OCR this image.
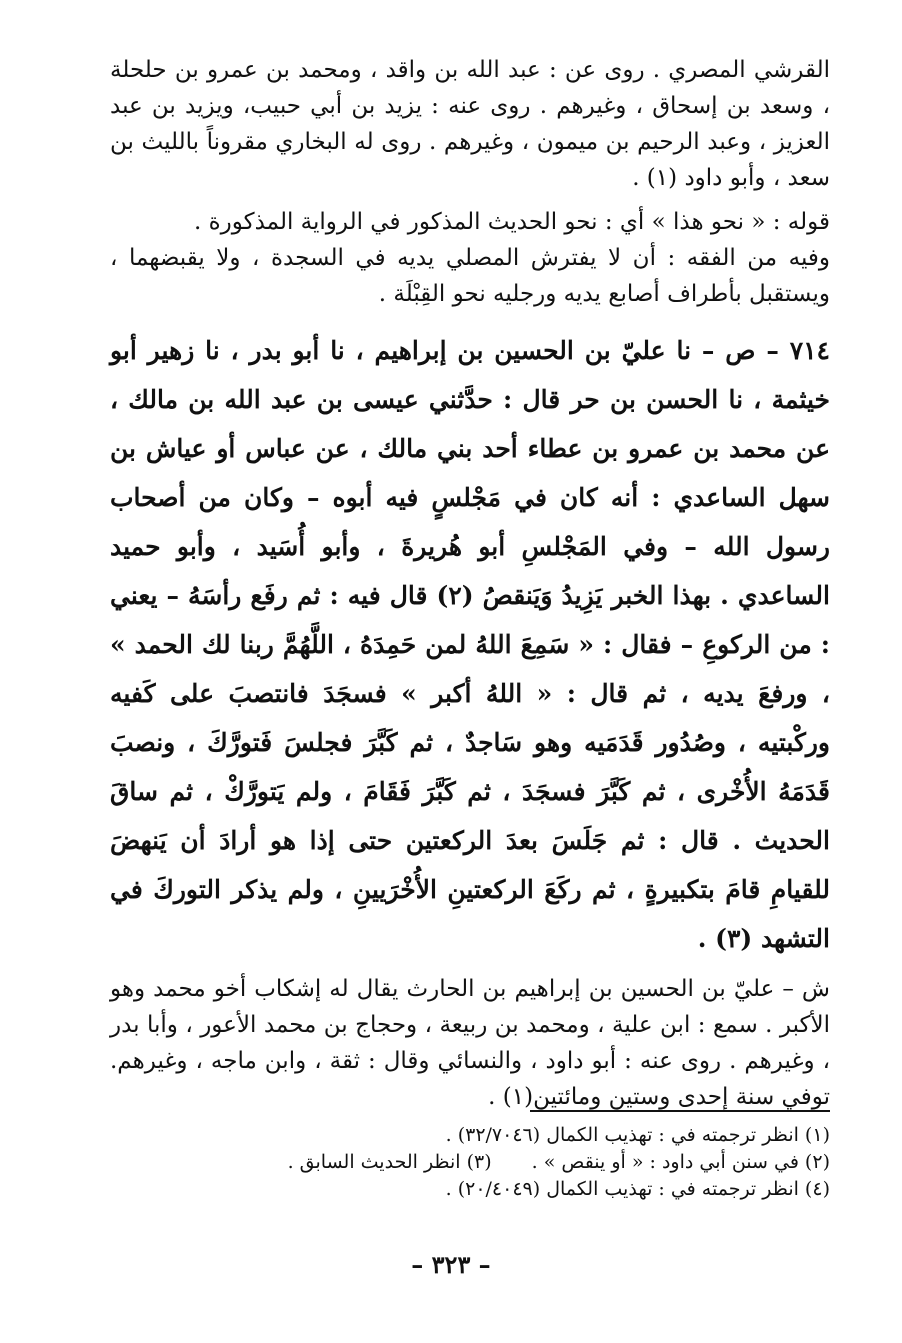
القرشي المصري . روى عن : عبد الله بن واقد ، ومحمد بن عمرو بن حلحلة ، وسعد بن إسحاق ، وغيرهم . روى عنه : يزيد بن أبي حبيب، ويزيد بن عبد العزيز ، وعبد الرحيم بن ميمون ، وغيرهم . روى له البخاري مقروناً بالليث بن سعد ، وأبو داود (١) .

قوله : « نحو هذا » أي : نحو الحديث المذكور في الرواية المذكورة .

وفيه من الفقه : أن لا يفترش المصلي يديه في السجدة ، ولا يقبضهما ، ويستقبل بأطراف أصابع يديه ورجليه نحو القِبْلَة .

٧١٤ – ص – نا عليّ بن الحسين بن إبراهيم ، نا أبو بدر ، نا زهير أبو خيثمة ، نا الحسن بن حر قال : حدَّثني عيسى بن عبد الله بن مالك ، عن محمد بن عمرو بن عطاء أحد بني مالك ، عن عباس أو عياش بن سهل الساعدي : أنه كان في مَجْلسٍ فيه أبوه – وكان من أصحاب رسول الله – وفي المَجْلسِ أبو هُريرةَ ، وأبو أُسَيد ، وأبو حميد الساعدي . بهذا الخبر يَزِيدُ وَيَنقصُ (٢) قال فيه : ثم رفَع رأسَهُ – يعني : من الركوعِ – فقال : « سَمِعَ اللهُ لمن حَمِدَهُ ، اللَّهُمَّ ربنا لك الحمد » ، ورفعَ يديه ، ثم قال : « اللهُ أكبر » فسجَدَ فانتصبَ على كَفيه وركْبتيه ، وصُدُور قَدَمَيه وهو سَاجدٌ ، ثم كَبَّرَ فجلسَ فَتورَّكَ ، ونصبَ قَدَمَهُ الأُخْرى ، ثم كَبَّرَ فسجَدَ ، ثم كَبَّرَ فَقَامَ ، ولم يَتورَّكْ ، ثم ساقَ الحديث . قال : ثم جَلَسَ بعدَ الركعتين حتى إذا هو أرادَ أن يَنهضَ للقيامِ قامَ بتكبيرةٍ ، ثم ركَعَ الركعتينِ الأُخْرَيينِ ، ولم يذكر التوركَ في التشهد (٣) .

ش – عليّ بن الحسين بن إبراهيم بن الحارث يقال له إشكاب أخو محمد وهو الأكبر . سمع : ابن علية ، ومحمد بن ربيعة ، وحجاج بن محمد الأعور ، وأبا بدر ، وغيرهم . روى عنه : أبو داود ، والنسائي وقال : ثقة ، وابن ماجه ، وغيرهم. توفي سنة إحدى وستين ومائتين(١) .

(١) انظر ترجمته في : تهذيب الكمال (٣٢/٧٠٤٦) .

(٢) في سنن أبي داود : « أو ينقص » .(٣) انظر الحديث السابق .

(٤) انظر ترجمته في : تهذيب الكمال (٢٠/٤٠٤٩) .

– ٣٢٣ –
